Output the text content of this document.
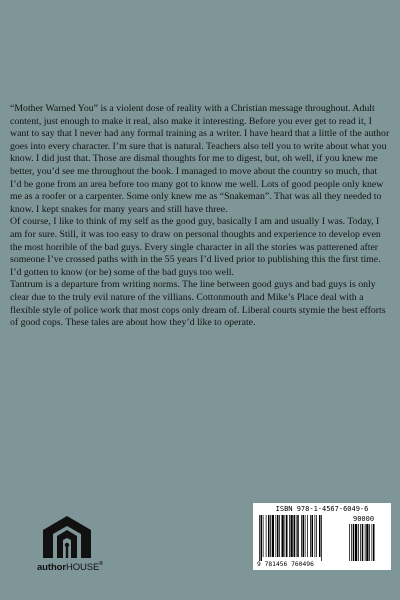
“Mother Warned You” is a violent dose of reality with a Christian message throughout. Adult content, just enough to make it real, also make it interesting. Before you ever get to read it, I want to say that I never had any formal training as a writer. I have heard that a little of the author goes into every character. I’m sure that is natural. Teachers also tell you to write about what you know. I did just that. Those are dismal thoughts for me to digest, but, oh well, if you knew me better, you’d see me throughout the book. I managed to move about the country so much, that I’d be gone from an area before too many got to know me well. Lots of good people only knew me as a roofer or a carpenter. Some only knew me as “Snakeman”. That was all they needed to know. I kept snakes for many years and still have three.

Of course, I like to think of my self as the good guy, basically I am and usually I was. Today, I am for sure. Still, it was too easy to draw on personal thoughts and experience to develop even the most horrible of the bad guys. Every single character in all the stories was patterened after someone I’ve crossed paths with in the 55 years I’d lived prior to publishing this the first time. I’d gotten to know (or be) some of the bad guys too well.

Tantrum is a departure from writing norms. The line between good guys and bad guys is only clear due to the truly evil nature of the villians. Cottonmouth and Mike’s Place deal with a flexible style of police work that most cops only dream of. Liberal courts stymie the best efforts of good cops. These tales are about how they’d like to operate.

authorHOUSE®
ISBN 978-1-4567-6049-6
90000
9 781456 760496
